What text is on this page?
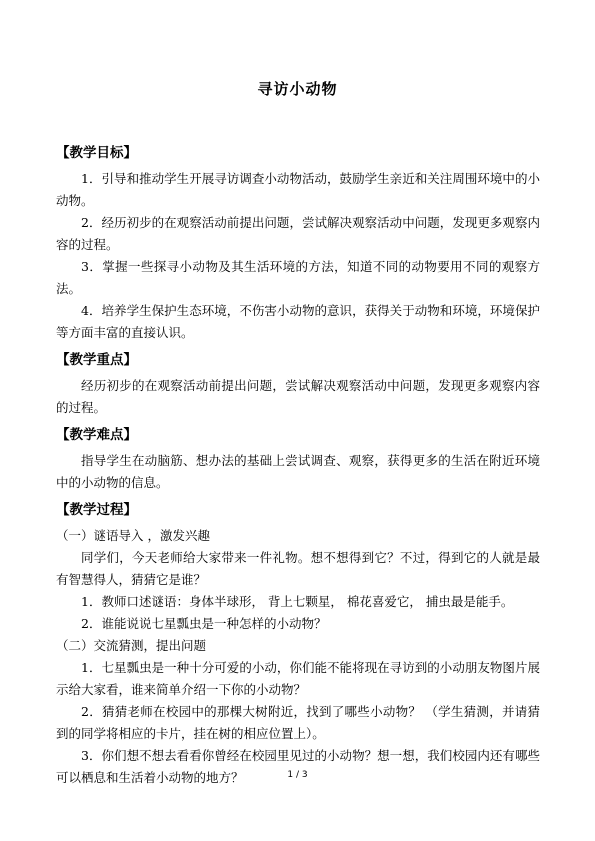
寻访小动物
【教学目标】
1．引导和推动学生开展寻访调查小动物活动，鼓励学生亲近和关注周围环境中的小动物。
2．经历初步的在观察活动前提出问题，尝试解决观察活动中问题，发现更多观察内容的过程。
3．掌握一些探寻小动物及其生活环境的方法，知道不同的动物要用不同的观察方法。
4．培养学生保护生态环境，不伤害小动物的意识，获得关于动物和环境，环境保护等方面丰富的直接认识。
【教学重点】
经历初步的在观察活动前提出问题，尝试解决观察活动中问题，发现更多观察内容的过程。
【教学难点】
指导学生在动脑筋、想办法的基础上尝试调查、观察，获得更多的生活在附近环境中的小动物的信息。
【教学过程】
（一）谜语导入 ，激发兴趣
同学们，今天老师给大家带来一件礼物。想不想得到它？不过，得到它的人就是最有智慧得人，猜猜它是谁？
1．教师口述谜语：身体半球形， 背上七颗星， 棉花喜爱它， 捕虫最是能手。
2．谁能说说七星瓢虫是一种怎样的小动物？
（二）交流猜测，提出问题
1．七星瓢虫是一种十分可爱的小动，你们能不能将现在寻访到的小动朋友物图片展示给大家看，谁来简单介绍一下你的小动物？
2．猜猜老师在校园中的那棵大树附近，找到了哪些小动物？ （学生猜测，并请猜到的同学将相应的卡片，挂在树的相应位置上）。
3．你们想不想去看看你曾经在校园里见过的小动物？想一想，我们校园内还有哪些可以栖息和生活着小动物的地方？	1 / 3
